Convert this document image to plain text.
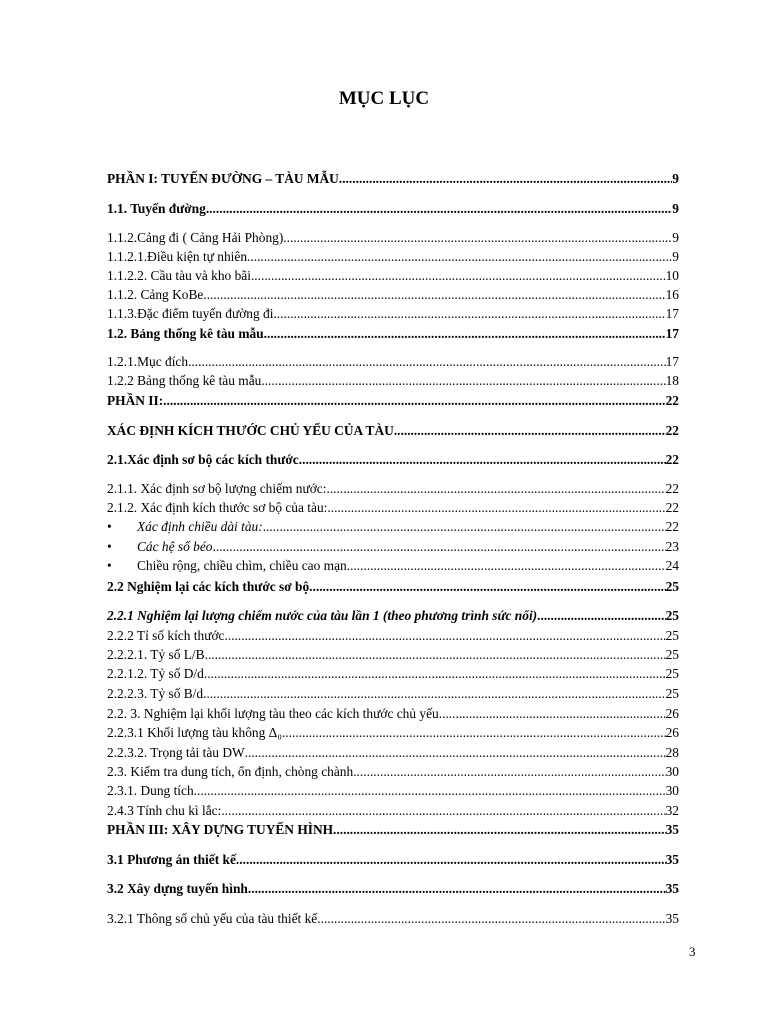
MỤC LỤC
PHẦN I: TUYẾN ĐƯỜNG – TÀU MẪU .....	9
1.1. Tuyến đường .....	9
1.1.2.Cảng đi ( Cảng Hải Phòng) .....	9
1.1.2.1.Điều kiện tự nhiên .....	9
1.1.2.2. Cầu tàu và kho bãi .....	10
1.1.2. Cảng KoBe .....	16
1.1.3.Đặc điểm tuyến đường đi .....	17
1.2. Bảng thống kê tàu mẫu .....	17
1.2.1.Mục đích .....	17
1.2.2 Bảng thống kê tàu mẫu .....	18
PHẦN II: .....	22
XÁC ĐỊNH KÍCH THƯỚC CHỦ YẾU CỦA TÀU .....	22
2.1.Xác định sơ bộ các kích thước. .....	22
2.1.1. Xác định sơ bộ lượng chiếm nước: .....	22
2.1.2. Xác định kích thước sơ bộ của tàu: .....	22
•	Xác định chiều dài tàu: .....	22
•	Các hệ số béo .....	23
•	Chiều rộng, chiều chìm, chiều cao mạn .....	24
2.2 Nghiệm lại các kích thước sơ bộ .....	25
2.2.1 Nghiệm lại lượng chiếm nước của tàu lần 1 (theo phương trình sức nổi) .....	25
2.2.2 Tỉ số kích thước .....	25
2.2.2.1. Tỷ số L/B .....	25
2.2.1.2. Tỷ số D/d .....	25
2.2.2.3. Tỷ số B/d .....	25
2.2. 3. Nghiệm lại khối lượng tàu theo các kích thước chủ yếu .....	26
2.2.3.1 Khối lượng tàu không Δ₀ .....	26
2.2.3.2. Trọng tải tàu DW .....	28
2.3. Kiểm tra dung tích, ổn định, chòng chành .....	30
2.3.1. Dung tích .....	30
2.4.3 Tính chu kì lắc: .....	32
PHẦN III: XÂY DỰNG TUYẾN HÌNH .....	35
3.1 Phương án thiết kế .....	35
3.2 Xây dựng tuyến hình .....	35
3.2.1 Thông số chủ yếu của tàu thiết kế. .....	35
3
